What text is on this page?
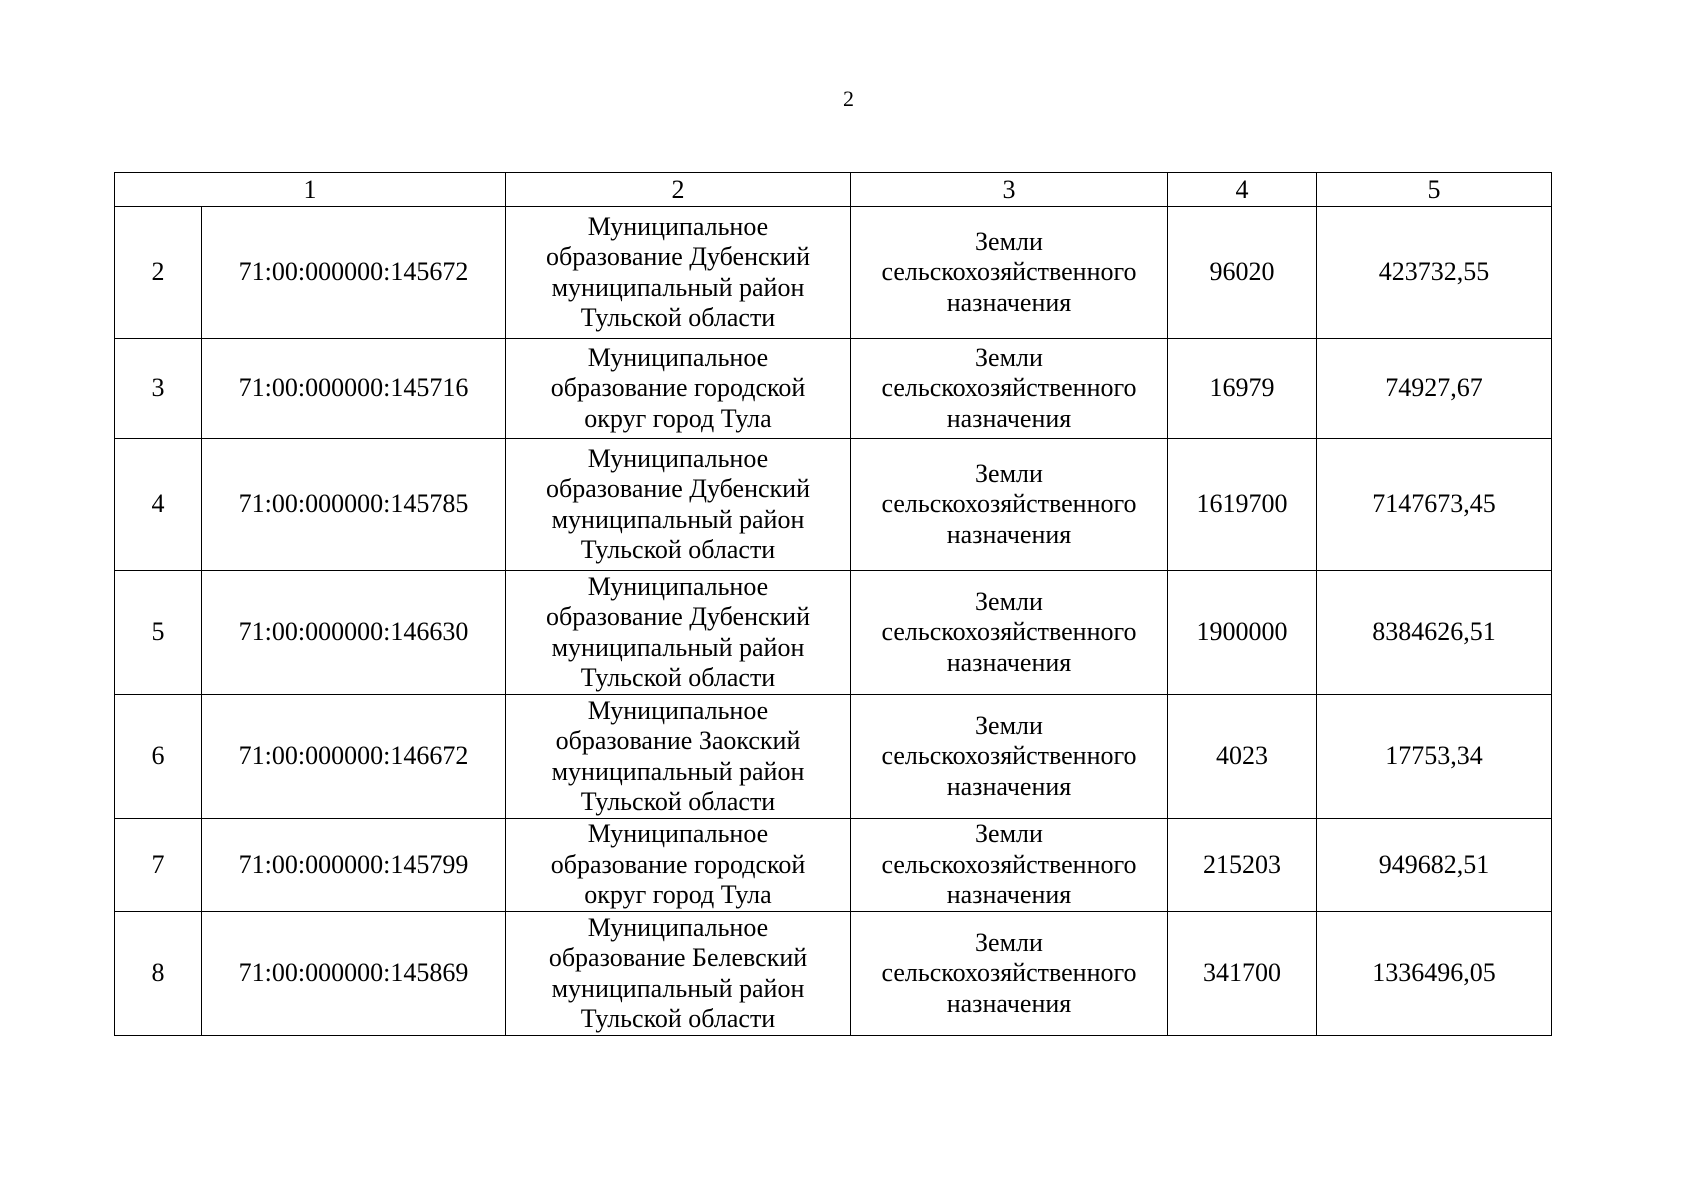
2
1		2	3	4	5

2	71:00:000000:145672	Муниципальное
образование Дубенский
муниципальный район
Тульской области	Земли
сельскохозяйственного
назначения	96020	423732,55

3	71:00:000000:145716	Муниципальное
образование городской
округ город Тула	Земли
сельскохозяйственного
назначения	16979	74927,67

4	71:00:000000:145785	Муниципальное
образование Дубенский
муниципальный район
Тульской области	Земли
сельскохозяйственного
назначения	1619700	7147673,45

5	71:00:000000:146630	Муниципальное
образование Дубенский
муниципальный район
Тульской области	Земли
сельскохозяйственного
назначения	1900000	8384626,51

6	71:00:000000:146672	Муниципальное
образование Заокский
муниципальный район
Тульской области	Земли
сельскохозяйственного
назначения	4023	17753,34

7	71:00:000000:145799	Муниципальное
образование городской
округ город Тула	Земли
сельскохозяйственного
назначения	215203	949682,51

8	71:00:000000:145869	Муниципальное
образование Белевский
муниципальный район
Тульской области	Земли
сельскохозяйственного
назначения	341700	1336496,05
